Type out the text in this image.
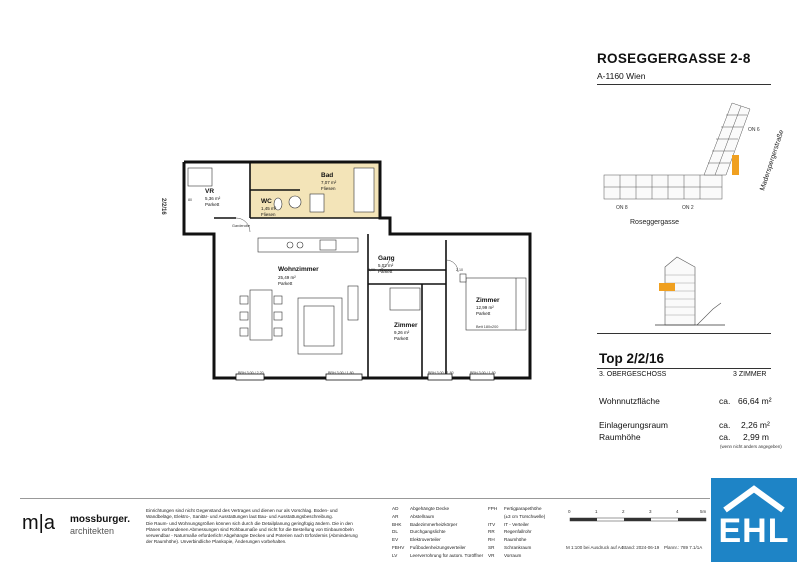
ROSEGGERGASSE 2-8
A-1160 Wien
ON 8	ON 2
ON 6
Roseggergasse
Maderspergerstraße
Top 2/2/16
3. OBERGESCHOSS	3 ZIMMER
Wohnnutzfläche	ca. 66,64 m²
Einlagerungsraum	ca. 2,26 m²
Raumhöhe	ca. 2,99 m
(wenn nicht anders angegeben)
2/2/16
VR
5,36 m²
Parkett
Bad
7,07 m²
Fliesen
WC
1,45 m²
Fliesen
Wohnzimmer
25,49 m²
Parkett
Gang
5,02 m²
Parkett
Zimmer
12,99 m²
Parkett
Zimmer
9,26 m²
Parkett
Garderobe
Bett 180x200
BRH 3,00 / 2,20	BRH 3,00 / 1,80	BRH 3,00 / 1,80	BRH 3,00 / 1,80
80
2,00	2,10
m|a mossburger.
architekten
Einrichtungen sind nicht Gegenstand des Vertrages und dienen nur als Vorschlag. Boden- und
Wandbeläge, Elektro-, Sanitär- und Ausstattungen laut Bau- und Ausstattungsbeschreibung.
Die Raum- und Wohnungsgrößen können sich durch die Detailplanung geringfügig ändern. Die in den
Plänen vorhandenen Abmessungen sind Rohbaumaße und nicht für die Bestellung von Einbaumöbeln
verwendbar - Naturmaße erforderlich! Abgehängte Decken und Poterien nach Erfordernis (Abminderung
der Raumhöhe). Unverbindliche Plankopie, Änderungen vorbehalten.
AD	Abgehängte Decke
AR	Abstellraum
BHK Badezimmerheizkörper
DL	Durchgangslichte
EV	Elektroverteiler
FBHV Fußbodenheizungsverteiler
LV	Leerverrohrung für autom. Türöffner
FPH Fertigparapethöhe
(±3 cm Türschwelle)
ITV IT - Verteiler
RR Regenfallrohr
RH Raumhöhe
SR Schrankraum
VR Vorraum
0	1	2	3	4	5m
M 1:100 bei Ausdruck auf A4
Stand: 2024-06-19 Plannr.: 789 7.1/1A EHL
